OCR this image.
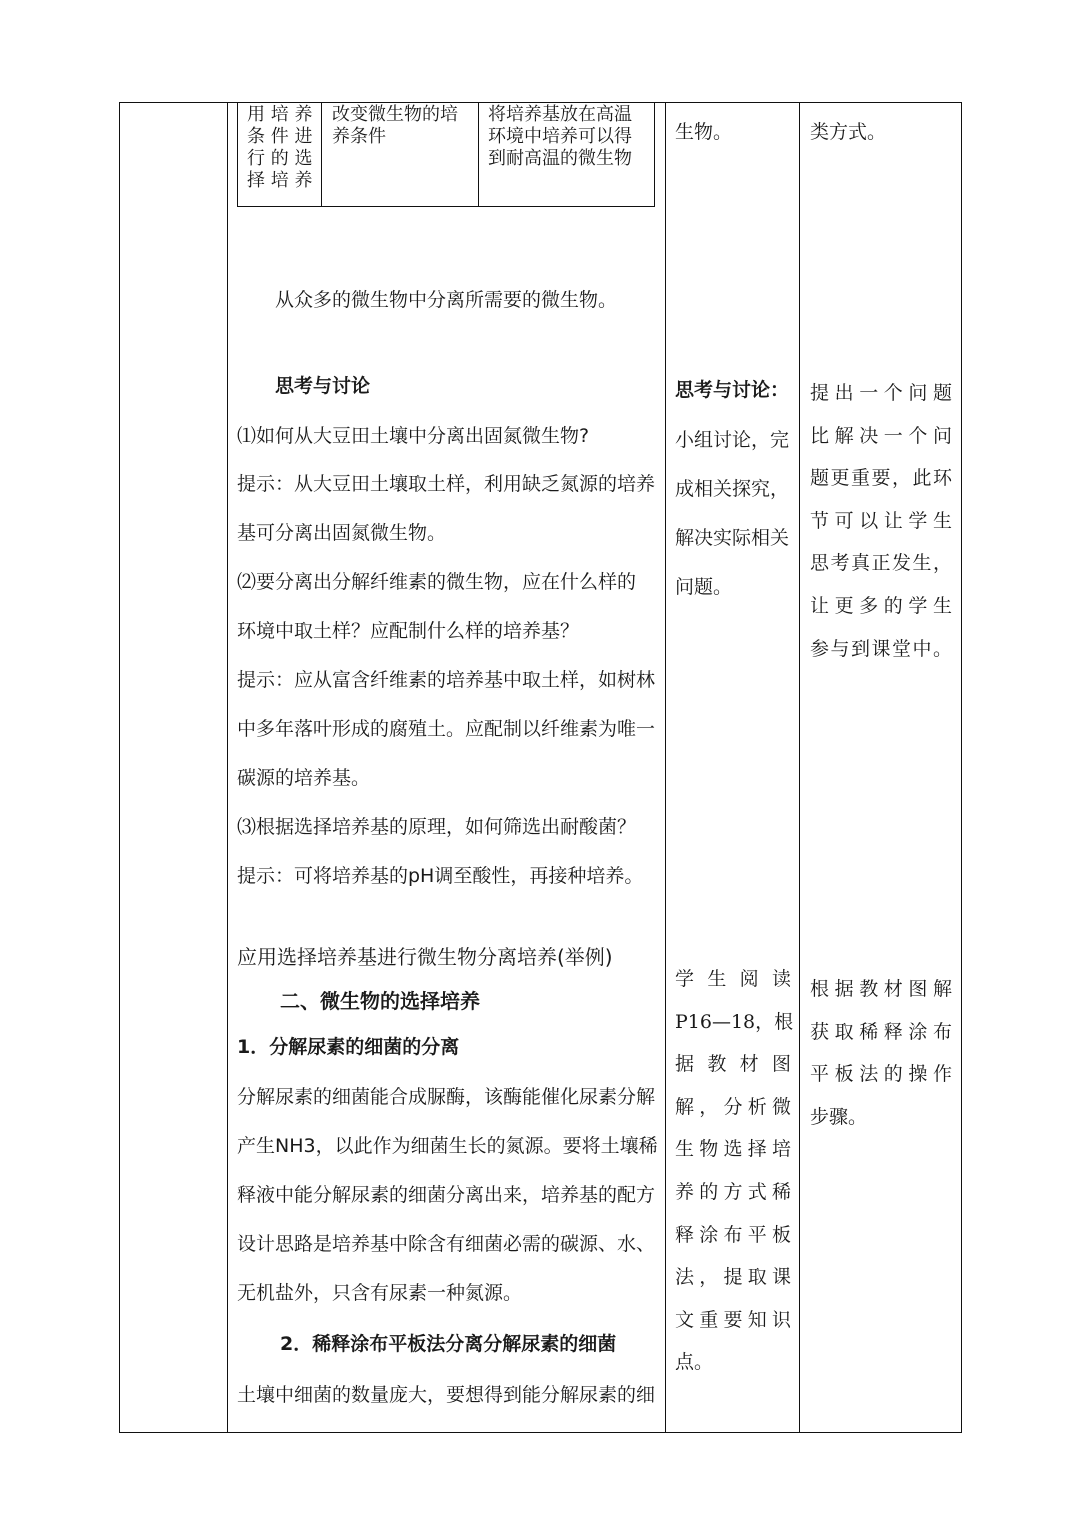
用 培 养
条 件 进
行 的 选
择 培 养
改变微生物的培
养条件
将培养基放在高温
环境中培养可以得
到耐高温的微生物
从众多的微生物中分离所需要的微生物。
思考与讨论
⑴如何从大豆田土壤中分离出固氮微生物?
提示：从大豆田土壤取土样，利用缺乏氮源的培养
基可分离出固氮微生物。
⑵要分离出分解纤维素的微生物，应在什么样的
环境中取土样？应配制什么样的培养基？
提示：应从富含纤维素的培养基中取土样，如树林
中多年落叶形成的腐殖土。应配制以纤维素为唯一
碳源的培养基。
⑶根据选择培养基的原理，如何筛选出耐酸菌？
提示：可将培养基的pH调至酸性，再接种培养。
应用选择培养基进行微生物分离培养(举例)
二、微生物的选择培养
1．分解尿素的细菌的分离
分解尿素的细菌能合成脲酶，该酶能催化尿素分解
产生NH3，以此作为细菌生长的氮源。要将土壤稀
释液中能分解尿素的细菌分离出来，培养基的配方
设计思路是培养基中除含有细菌必需的碳源、水、
无机盐外，只含有尿素一种氮源。
2．稀释涂布平板法分离分解尿素的细菌
土壤中细菌的数量庞大，要想得到能分解尿素的细
生物。
思考与讨论：
小组讨论，完
成相关探究，
解决实际相关
问题。
学 生 阅 读
P16—18，根
据 教 材 图
解，分析微
生物选择培
养的方式稀
释涂布平板
法，提取课
文重要知识
点。
类方式。
提出一个问题
比解决一个问
题更重要，此环
节可以让学生
思考真正发生，
让更多的学生
参与到课堂中。
根据教材图解
获取稀释涂布
平板法的操作
步骤。
